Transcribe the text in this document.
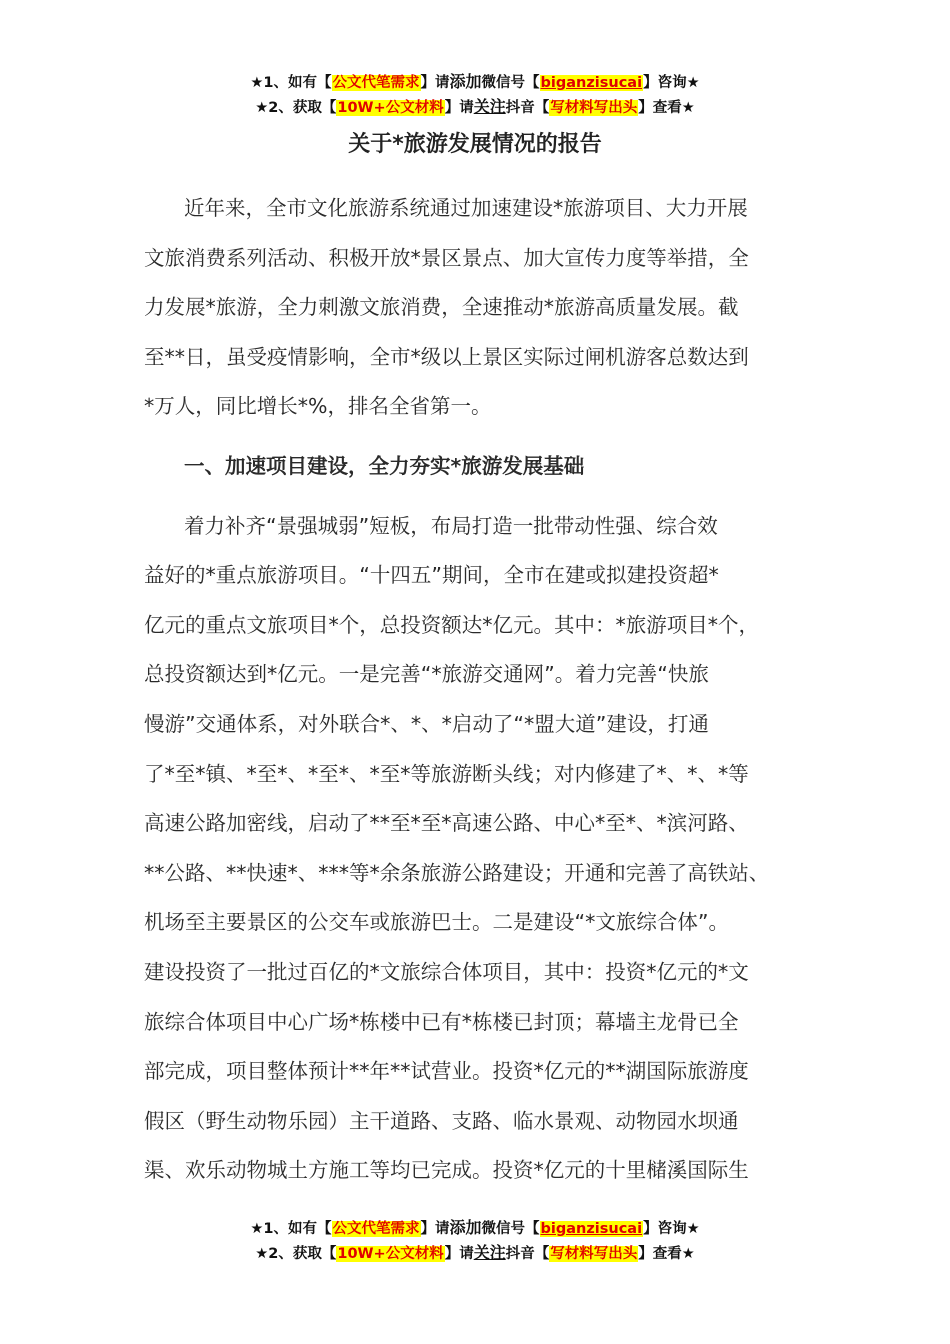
★1、如有【公文代笔需求】请添加微信号【biganzisucai】咨询★
★2、获取【10W+公文材料】请关注抖音【写材料写出头】查看★
关于*旅游发展情况的报告

近年来，全市文化旅游系统通过加速建设*旅游项目、大力开展
文旅消费系列活动、积极开放*景区景点、加大宣传力度等举措，全
力发展*旅游，全力刺激文旅消费，全速推动*旅游高质量发展。截
至**日，虽受疫情影响，全市*级以上景区实际过闸机游客总数达到
*万人，同比增长*%，排名全省第一。

一、加速项目建设，全力夯实*旅游发展基础

着力补齐“景强城弱”短板，布局打造一批带动性强、综合效
益好的*重点旅游项目。“十四五”期间，全市在建或拟建投资超*
亿元的重点文旅项目*个，总投资额达*亿元。其中：*旅游项目*个，
总投资额达到*亿元。一是完善“*旅游交通网”。着力完善“快旅
慢游”交通体系，对外联合*、*、*启动了“*盟大道”建设，打通
了*至*镇、*至*、*至*、*至*等旅游断头线；对内修建了*、*、*等
高速公路加密线，启动了**至*至*高速公路、中心*至*、*滨河路、
**公路、**快速*、***等*余条旅游公路建设；开通和完善了高铁站、
机场至主要景区的公交车或旅游巴士。二是建设“*文旅综合体”。
建设投资了一批过百亿的*文旅综合体项目，其中：投资*亿元的*文
旅综合体项目中心广场*栋楼中已有*栋楼已封顶；幕墙主龙骨已全
部完成，项目整体预计**年**试营业。投资*亿元的**湖国际旅游度
假区（野生动物乐园）主干道路、支路、临水景观、动物园水坝通
渠、欢乐动物城土方施工等均已完成。投资*亿元的十里槠溪国际生

★1、如有【公文代笔需求】请添加微信号【biganzisucai】咨询★
★2、获取【10W+公文材料】请关注抖音【写材料写出头】查看★
